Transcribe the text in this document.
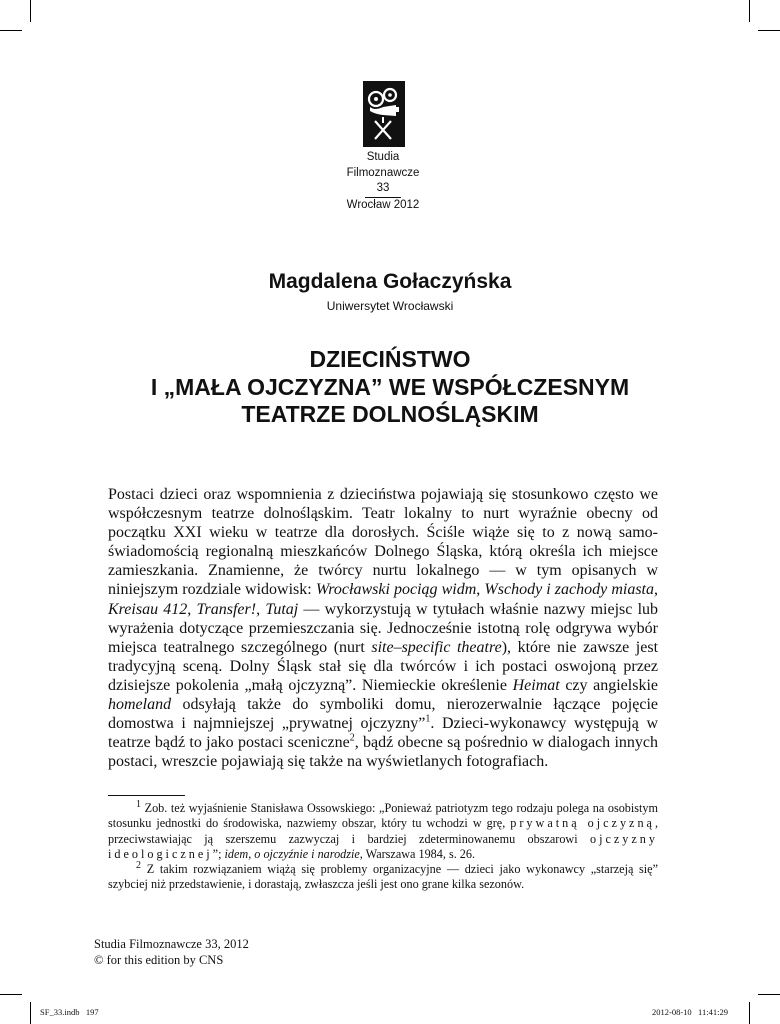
Studia
Filmoznawcze
33
Wrocław 2012
Magdalena Gołaczyńska
Uniwersytet Wrocławski
DZIECIŃSTWO
I „MAŁA OJCZYZNA” WE WSPÓŁCZESNYM
TEATRZE DOLNOŚLĄSKIM

Postaci dzieci oraz wspomnienia z dzieciństwa pojawiają się stosunkowo często we współczesnym teatrze dolnośląskim. Teatr lokalny to nurt wyraźnie obecny od początku XXI wieku w teatrze dla dorosłych. Ściśle wiąże się to z nową samo-świadomością regionalną mieszkańców Dolnego Śląska, którą określa ich miejsce zamieszkania. Znamienne, że twórcy nurtu lokalnego — w tym opisanych w niniejszym rozdziale widowisk: Wrocławski pociąg widm, Wschody i zachody miasta, Kreisau 412, Transfer!, Tutaj — wykorzystują w tytułach właśnie nazwy miejsc lub wyrażenia dotyczące przemieszczania się. Jednocześnie istotną rolę odgrywa wybór miejsca teatralnego szczególnego (nurt site–specific theatre), które nie zawsze jest tradycyjną sceną. Dolny Śląsk stał się dla twórców i ich postaci oswojoną przez dzisiejsze pokolenia „małą ojczyzną”. Niemieckie określenie Heimat czy angielskie homeland odsyłają także do symboliki domu, nierozerwalnie łączące pojęcie domostwa i najmniejszej „prywatnej ojczyzny”$^1$. Dzieci-wykonawcy występują w teatrze bądź to jako postaci sceniczne$^2$, bądź obecne są pośrednio w dialogach innych postaci, wreszcie pojawiają się także na wyświetlanych fotografiach.

$^1$ Zob. też wyjaśnienie Stanisława Ossowskiego: „Ponieważ patriotyzm tego rodzaju polega na osobistym stosunku jednostki do środowiska, nazwiemy obszar, który tu wchodzi w grę, prywatną ojczyzną, przeciwstawiając ją szerszemu zazwyczaj i bardziej zdeterminowanemu obszarowi ojczyzny ideologicznej”; idem, o ojczyźnie i narodzie, Warszawa 1984, s. 26.

$^2$ Z takim rozwiązaniem wiążą się problemy organizacyjne — dzieci jako wykonawcy „starzeją się” szybciej niż przedstawienie, i dorastają, zwłaszcza jeśli jest ono grane kilka sezonów.

Studia Filmoznawcze 33, 2012
© for this edition by CNS
SF_33.indb   197	2012-08-10   11:41:29
